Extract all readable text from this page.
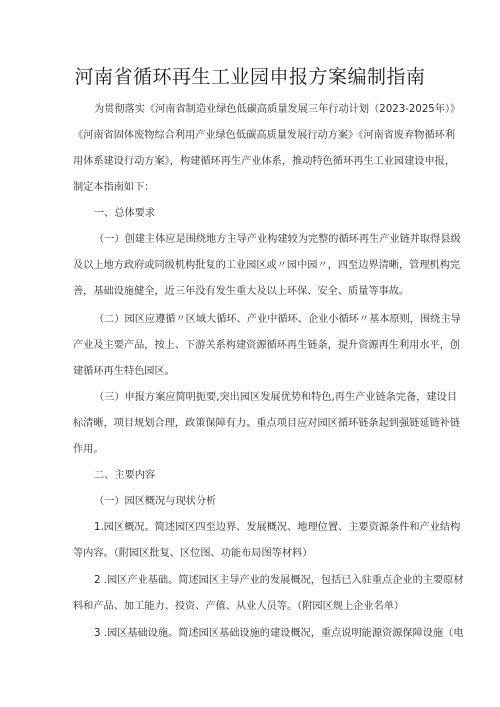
河南省循环再生工业园申报方案编制指南
为贯彻落实《河南省制造业绿色低碳高质量发展三年行动计划（2023-2025年）》
《河南省固体废物综合利用产业绿色低碳高质量发展行动方案》《河南省废弃物循环利
用体系建设行动方案》，构建循环再生产业体系，推动特色循环再生工业园建设申报，
制定本指南如下：
一、总体要求
（一）创建主体应是围绕地方主导产业构建较为完整的循环再生产业链并取得县级
及以上地方政府或同级机构批复的工业园区或〃园中园〃，四至边界清晰，管理机构完
善，基础设施健全，近三年没有发生重大及以上环保、安全、质量等事故。
（二）园区应遵循〃区域大循环、产业中循环、企业小循环〃基本原则，围绕主导
产业及主要产品，按上、下游关系构建资源循环再生链条，提升资源再生利用水平，创
建循环再生特色园区。
（三）申报方案应简明扼要,突出园区发展优势和特色,再生产业链条完备，建设目
标清晰，项目规划合理，政策保障有力。重点项目应对园区循环链条起到强链延链补链
作用。
二、主要内容
（一）园区概况与现状分析
1.园区概况。简述园区四至边界、发展概况、地理位置、主要资源条件和产业结构
等内容。（附园区批复、区位图、功能布局图等材料）
2 .园区产业基础。简述园区主导产业的发展概况，包括已入驻重点企业的主要原材
料和产品、加工能力、投资、产值、从业人员等。（附园区规上企业名单）
3 .园区基础设施。简述园区基础设施的建设概况，重点说明能源资源保障设施（电
